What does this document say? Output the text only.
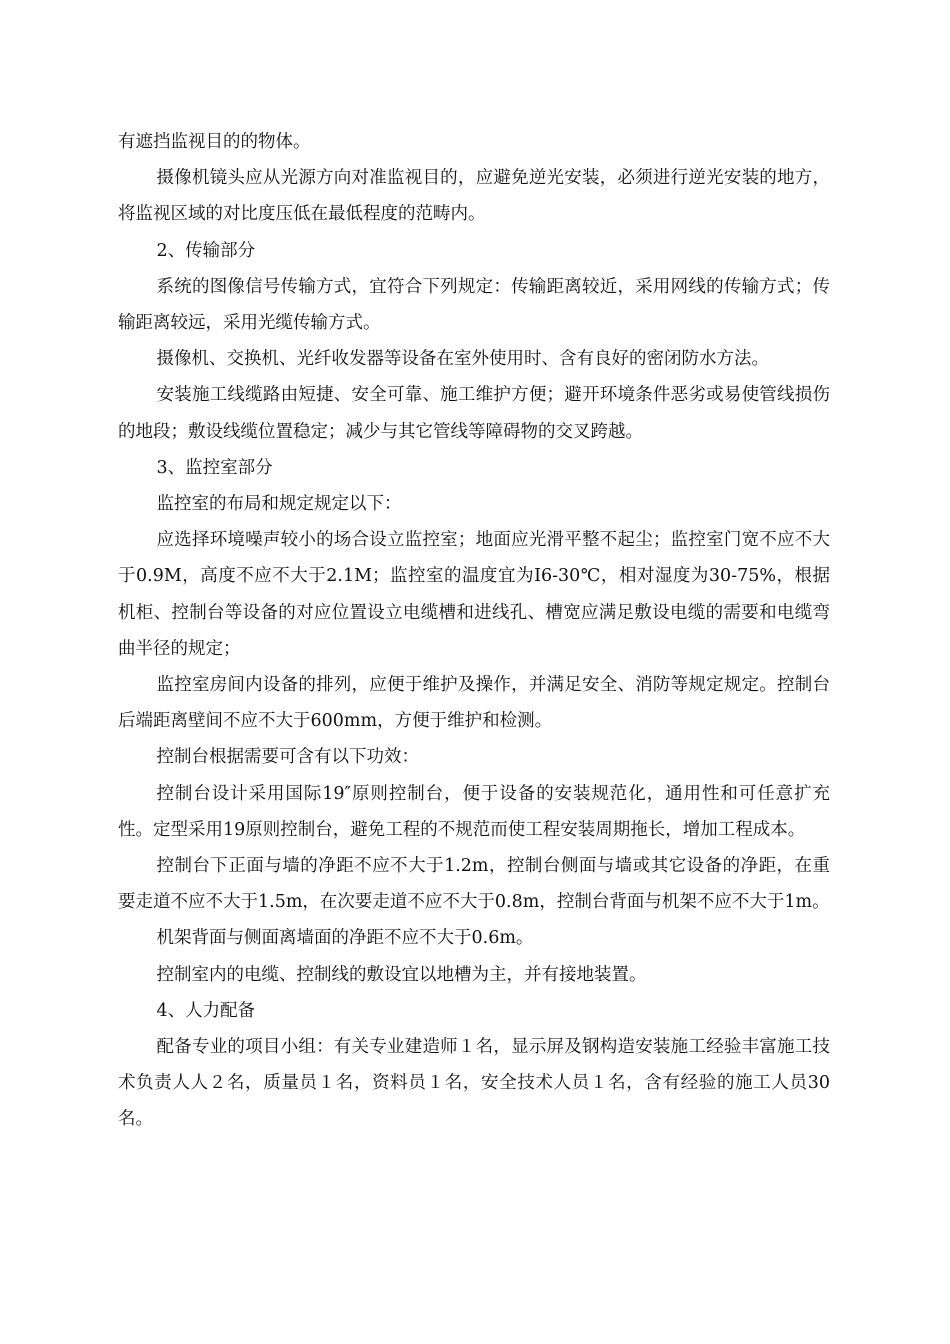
有遮挡监视目的的物体。

摄像机镜头应从光源方向对准监视目的，应避免逆光安装，必须进行逆光安装的地方，将监视区域的对比度压低在最低程度的范畴内。

2、传输部分

系统的图像信号传输方式，宜符合下列规定：传输距离较近，采用网线的传输方式；传输距离较远，采用光缆传输方式。

摄像机、交换机、光纤收发器等设备在室外使用时、含有良好的密闭防水方法。

安装施工线缆路由短捷、安全可靠、施工维护方便；避开环境条件恶劣或易使管线损伤的地段；敷设线缆位置稳定；减少与其它管线等障碍物的交叉跨越。

3、监控室部分

监控室的布局和规定规定以下：

应选择环境噪声较小的场合设立监控室；地面应光滑平整不起尘；监控室门宽不应不大于0.9M，高度不应不大于2.1M；监控室的温度宜为I6-30℃，相对湿度为30-75%，根据机柜、控制台等设备的对应位置设立电缆槽和进线孔、槽宽应满足敷设电缆的需要和电缆弯曲半径的规定；

监控室房间内设备的排列，应便于维护及操作，并满足安全、消防等规定规定。控制台后端距离壁间不应不大于600mm，方便于维护和检测。

控制台根据需要可含有以下功效：

控制台设计采用国际19″原则控制台，便于设备的安装规范化，通用性和可任意扩充性。定型采用19原则控制台，避免工程的不规范而使工程安装周期拖长，增加工程成本。

控制台下正面与墙的净距不应不大于1.2m，控制台侧面与墙或其它设备的净距，在重要走道不应不大于1.5m，在次要走道不应不大于0.8m，控制台背面与机架不应不大于1m。

机架背面与侧面离墙面的净距不应不大于0.6m。

控制室内的电缆、控制线的敷设宜以地槽为主，并有接地装置。

4、人力配备

配备专业的项目小组：有关专业建造师１名，显示屏及钢构造安装施工经验丰富施工技术负责人人２名，质量员１名，资料员１名，安全技术人员１名，含有经验的施工人员30名。
